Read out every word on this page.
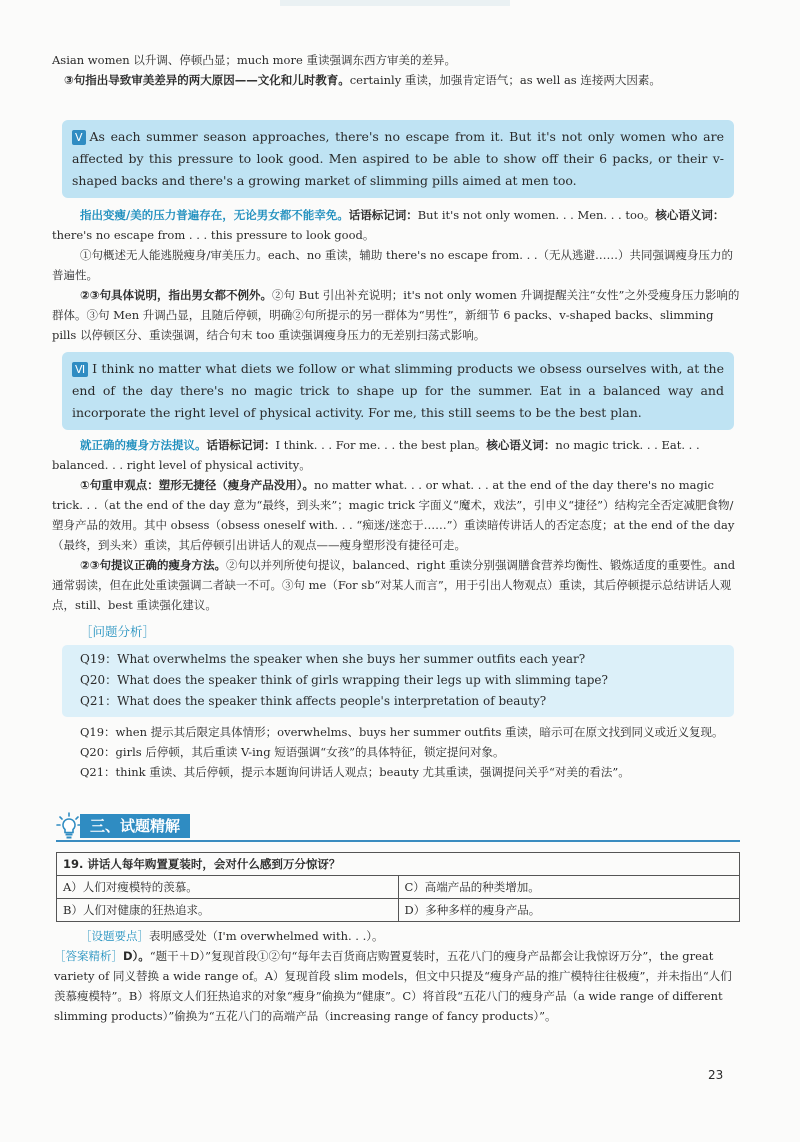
Asian women 以升调、停顿凸显；much more 重读强调东西方审美的差异。

③句指出导致审美差异的两大原因——文化和儿时教育。certainly 重读，加强肯定语气；as well as 连接两大因素。

Ⅴ As each summer season approaches, there's no escape from it. But it's not only women who are affected by this pressure to look good. Men aspired to be able to show off their 6 packs, or their v-shaped backs and there's a growing market of slimming pills aimed at men too.

指出变瘦/美的压力普遍存在，无论男女都不能幸免。话语标记词：But it's not only women. . . Men. . . too。核心语义词：there's no escape from . . . this pressure to look good。

①句概述无人能逃脱瘦身/审美压力。each、no 重读，辅助 there's no escape from. . .（无从逃避……）共同强调瘦身压力的普遍性。

②③句具体说明，指出男女都不例外。②句 But 引出补充说明；it's not only women 升调提醒关注“女性”之外受瘦身压力影响的群体。③句 Men 升调凸显，且随后停顿，明确②句所提示的另一群体为“男性”，新细节 6 packs、v-shaped backs、slimming pills 以停顿区分、重读强调，结合句末 too 重读强调瘦身压力的无差别扫荡式影响。

Ⅵ I think no matter what diets we follow or what slimming products we obsess ourselves with, at the end of the day there's no magic trick to shape up for the summer. Eat in a balanced way and incorporate the right level of physical activity. For me, this still seems to be the best plan.

就正确的瘦身方法提议。话语标记词：I think. . . For me. . . the best plan。核心语义词：no magic trick. . . Eat. . . balanced. . . right level of physical activity。

①句重申观点：塑形无捷径（瘦身产品没用）。no matter what. . . or what. . . at the end of the day there's no magic trick. . .（at the end of the day 意为“最终，到头来”；magic trick 字面义“魔术，戏法”，引申义“捷径”）结构完全否定减肥食物/塑身产品的效用。其中 obsess（obsess oneself with. . . “痴迷/迷恋于……”）重读暗传讲话人的否定态度；at the end of the day（最终，到头来）重读，其后停顿引出讲话人的观点——瘦身塑形没有捷径可走。

②③句提议正确的瘦身方法。②句以并列所使句提议，balanced、right 重读分别强调膳食营养均衡性、锻炼适度的重要性。and 通常弱读，但在此处重读强调二者缺一不可。③句 me（For sb“对某人而言”，用于引出人物观点）重读，其后停顿提示总结讲话人观点，still、best 重读强化建议。

［问题分析］

Q19：What overwhelms the speaker when she buys her summer outfits each year?

Q20：What does the speaker think of girls wrapping their legs up with slimming tape?

Q21：What does the speaker think affects people's interpretation of beauty?

Q19：when 提示其后限定具体情形；overwhelms、buys her summer outfits 重读，暗示可在原文找到同义或近义复现。

Q20：girls 后停顿，其后重读 V-ing 短语强调“女孩”的具体特征，锁定提问对象。

Q21：think 重读、其后停顿，提示本题询问讲话人观点；beauty 尤其重读，强调提问关乎“对美的看法”。

三、试题精解
19. 讲话人每年购置夏装时，会对什么感到万分惊讶？	
A）人们对瘦模特的羡慕。	C）高端产品的种类增加。
B）人们对健康的狂热追求。	D）多种多样的瘦身产品。

［设题要点］表明感受处（I'm overwhelmed with. . .）。

［答案精析］D）。“题干＋D）”复现首段①②句“每年去百货商店购置夏装时，五花八门的瘦身产品都会让我惊讶万分”，the great variety of 同义替换 a wide range of。A）复现首段 slim models，但文中只提及“瘦身产品的推广模特往往极瘦”，并未指出“人们羡慕瘦模特”。B）将原文人们狂热追求的对象“瘦身”偷换为“健康”。C）将首段“五花八门的瘦身产品（a wide range of different slimming products）”偷换为“五花八门的高端产品（increasing range of fancy products）”。

23
